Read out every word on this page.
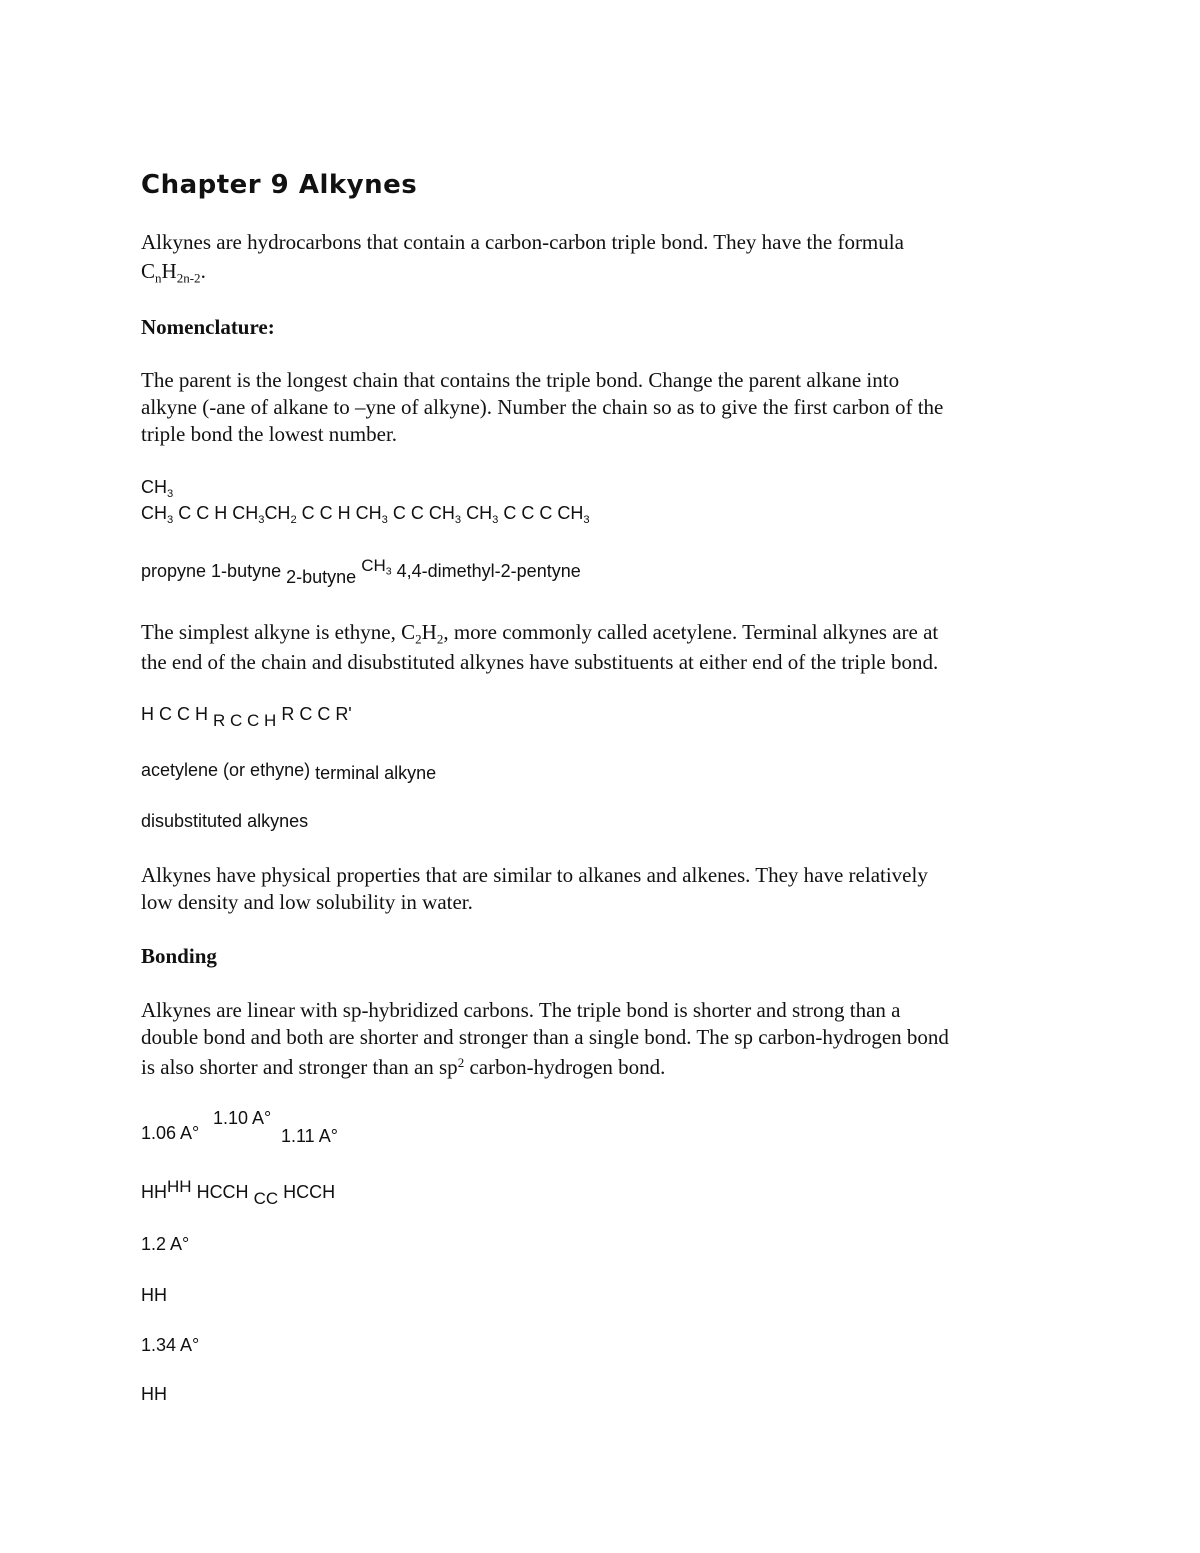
Chapter 9 Alkynes
Alkynes are hydrocarbons that contain a carbon-carbon triple bond. They have the formula
$C_nH_{2n-2}$.
Nomenclature:
The parent is the longest chain that contains the triple bond. Change the parent alkane into
alkyne (-ane of alkane to –yne of alkyne). Number the chain so as to give the first carbon of the
triple bond the lowest number.
$CH_3$
$CH_3$ C C H $CH_3CH_2$ C C H $CH_3$ C C $CH_3$ $CH_3$ C C C $CH_3$
propyne 1-butyne 2-butyne $CH_3$ 4,4-dimethyl-2-pentyne
The simplest alkyne is ethyne, $C_2H_2$, more commonly called acetylene. Terminal alkynes are at
the end of the chain and disubstituted alkynes have substituents at either end of the triple bond.
H C C H R C C H R C C R'
acetylene (or ethyne) terminal alkyne
disubstituted alkynes
Alkynes have physical properties that are similar to alkanes and alkenes. They have relatively
low density and low solubility in water.
Bonding
Alkynes are linear with sp-hybridized carbons. The triple bond is shorter and strong than a
double bond and both are shorter and stronger than a single bond. The sp carbon-hydrogen bond
is also shorter and stronger than an $sp^2$ carbon-hydrogen bond.
1.06 A°
1.10 A°
1.11 A°
HHHH HCCH CC HCCH
1.2 A°
HH
1.34 A°
HH
